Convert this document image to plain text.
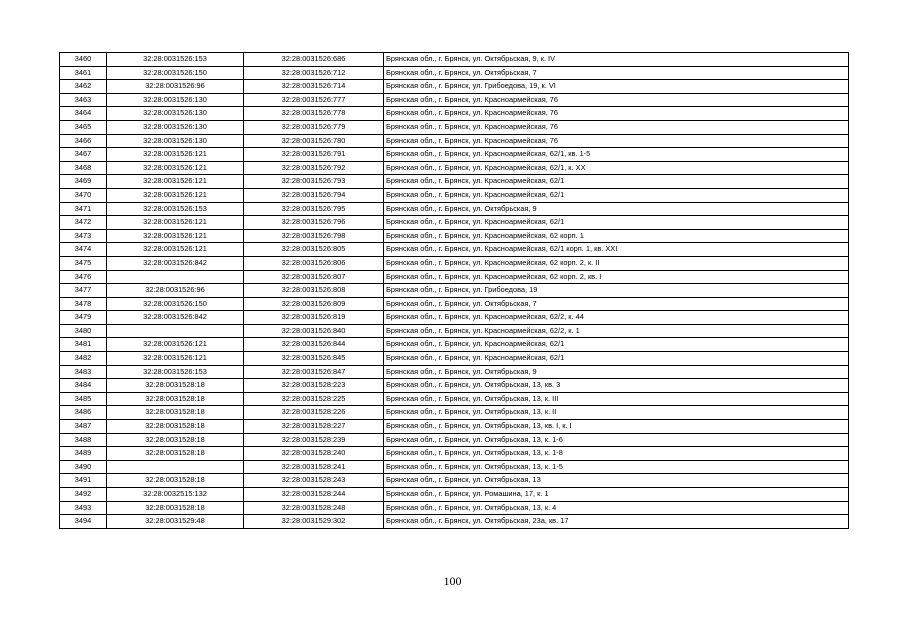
3460	32:28:0031526:153	32:28:0031526:686	Брянская обл., г. Брянск, ул. Октябрьская, 9, к. IV
3461	32:28:0031526:150	32:28:0031526:712	Брянская обл., г. Брянск, ул. Октябрьская, 7
3462	32:28:0031526:96	32:28:0031526:714	Брянская обл., г. Брянск, ул. Грибоедова, 19, к. VI
3463	32:28:0031526:130	32:28:0031526:777	Брянская обл., г. Брянск, ул. Красноармейская, 76
3464	32:28:0031526:130	32:28:0031526:778	Брянская обл., г. Брянск, ул. Красноармейская, 76
3465	32:28:0031526:130	32:28:0031526:779	Брянская обл., г. Брянск, ул. Красноармейская, 76
3466	32:28:0031526:130	32:28:0031526:780	Брянская обл., г. Брянск, ул. Красноармейская, 76
3467	32:28:0031526:121	32:28:0031526:791	Брянская обл., г. Брянск, ул. Красноармейская, 62/1, кв. 1-5
3468	32:28:0031526:121	32:28:0031526:792	Брянская обл., г. Брянск, ул. Красноармейская, 62/1, к. XX
3469	32:28:0031526:121	32:28:0031526:793	Брянская обл., г. Брянск, ул. Красноармейская, 62/1
3470	32:28:0031526:121	32:28:0031526:794	Брянская обл., г. Брянск, ул. Красноармейская, 62/1
3471	32:28:0031526:153	32:28:0031526:795	Брянская обл., г. Брянск, ул. Октябрьская, 9
3472	32:28:0031526:121	32:28:0031526:796	Брянская обл., г. Брянск, ул. Красноармейская, 62/1
3473	32:28:0031526:121	32:28:0031526:798	Брянская обл., г. Брянск, ул. Красноармейская, 62 корп. 1
3474	32:28:0031526:121	32:28:0031526:805	Брянская обл., г. Брянск, ул. Красноармейская, 62/1 корп. 1, кв. XXI
3475	32:28:0031526:842	32:28:0031526:806	Брянская обл., г. Брянск, ул. Красноармейская, 62 корп. 2, к. II
3476		32:28:0031526:807	Брянская обл., г. Брянск, ул. Красноармейская, 62 корп. 2, кв. I
3477	32:28:0031526:96	32:28:0031526:808	Брянская обл., г. Брянск, ул. Грибоедова, 19
3478	32:28:0031526:150	32:28:0031526:809	Брянская обл., г. Брянск, ул. Октябрьская, 7
3479	32:28:0031526:842	32:28:0031526:819	Брянская обл., г. Брянск, ул. Красноармейская, 62/2, к. 44
3480		32:28:0031526:840	Брянская обл., г. Брянск, ул. Красноармейская, 62/2, к. 1
3481	32:28:0031526:121	32:28:0031526:844	Брянская обл., г. Брянск, ул. Красноармейская, 62/1
3482	32:28:0031526:121	32:28:0031526:845	Брянская обл., г. Брянск, ул. Красноармейская, 62/1
3483	32:28:0031526:153	32:28:0031526:847	Брянская обл., г. Брянск, ул. Октябрьская, 9
3484	32:28:0031528:18	32:28:0031528:223	Брянская обл., г. Брянск, ул. Октябрьская, 13, кв. 3
3485	32:28:0031528:18	32:28:0031528:225	Брянская обл., г. Брянск, ул. Октябрьская, 13, к. III
3486	32:28:0031528:18	32:28:0031528:226	Брянская обл., г. Брянск, ул. Октябрьская, 13, к. II
3487	32:28:0031528:18	32:28:0031528:227	Брянская обл., г. Брянск, ул. Октябрьская, 13, кв. I, к. I
3488	32:28:0031528:18	32:28:0031528:239	Брянская обл., г. Брянск, ул. Октябрьская, 13, к. 1-6
3489	32:28:0031528:18	32:28:0031528:240	Брянская обл., г. Брянск, ул. Октябрьская, 13, к. 1-8
3490		32:28:0031528:241	Брянская обл., г. Брянск, ул. Октябрьская, 13, к. 1-5
3491	32:28:0031528:18	32:28:0031528:243	Брянская обл., г. Брянск, ул. Октябрьская, 13
3492	32:28:0032515:132	32:28:0031528:244	Брянская обл., г. Брянск, ул. Ромашина, 17, к. 1
3493	32:28:0031528:18	32:28:0031528:248	Брянская обл., г. Брянск, ул. Октябрьская, 13, к. 4
3494	32:28:0031529:48	32:28:0031529:302	Брянская обл., г. Брянск, ул. Октябрьская, 23а, кв. 17
100
